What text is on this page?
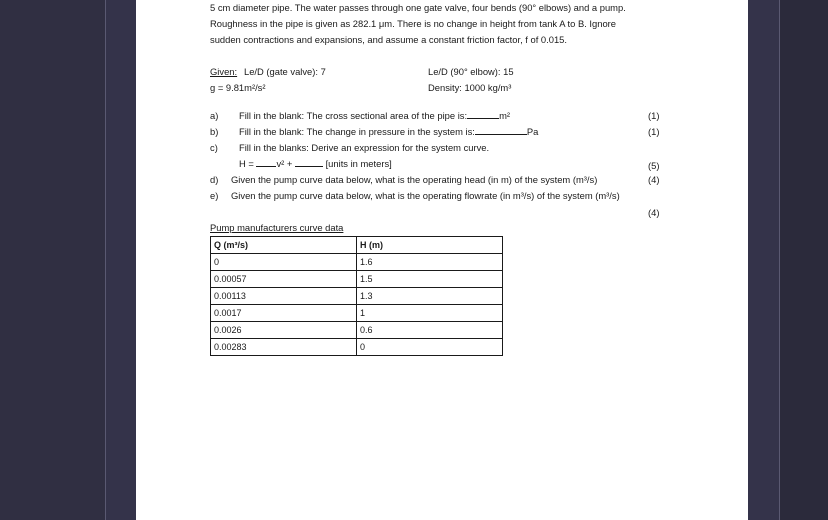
5 cm diameter pipe. The water passes through one gate valve, four bends (90° elbows) and a pump.
Roughness in the pipe is given as 282.1 μm. There is no change in height from tank A to B. Ignore
sudden contractions and expansions, and assume a constant friction factor, f of 0.015.
Given: Le/D (gate valve): 7	Le/D (90° elbow): 15
g = 9.81m²/s²	Density: 1000 kg/m³
a) Fill in the blank: The cross sectional area of the pipe is:	m²	(1)
b) Fill in the blank: The change in pressure in the system is:	Pa	(1)
c) Fill in the blanks: Derive an expression for the system curve.
H = v² +	[units in meters]	(5)
d) Given the pump curve data below, what is the operating head (in m) of the system (m³/s)	(4)
e) Given the pump curve data below, what is the operating flowrate (in m³/s) of the system (m³/s)
(4)
Pump manufacturers curve data
Q (m³/s)	H (m)
0	1.6
0.00057	1.5
0.00113	1.3
0.0017	1
0.0026	0.6
0.00283	0
